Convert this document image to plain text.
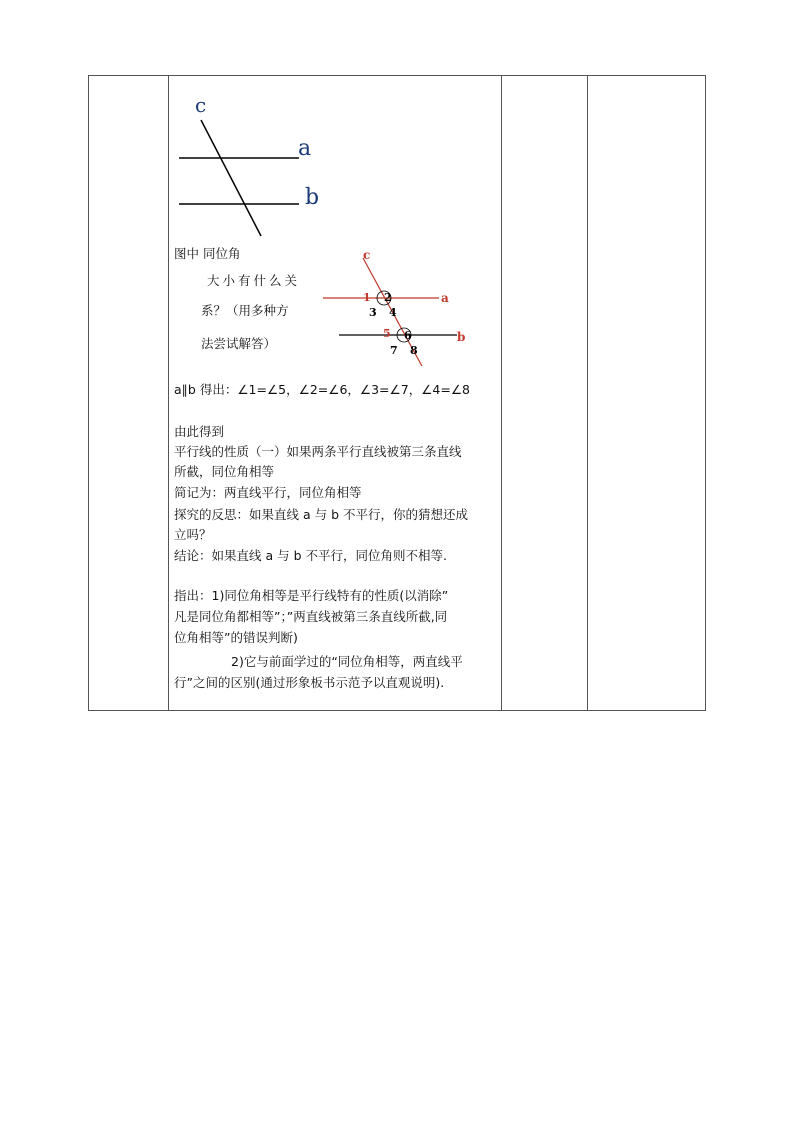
c
a
b
图中 同位角
大小有什么关
系？（用多种方
法尝试解答）
c
a
b
1 2
3 4
5 6
7 8
a∥b 得出：∠1=∠5，∠2=∠6，∠3=∠7，∠4=∠8
由此得到
平行线的性质（一）如果两条平行直线被第三条直线
所截，同位角相等
简记为：两直线平行，同位角相等
探究的反思：如果直线 a 与 b 不平行，你的猜想还成
立吗？
结论：如果直线 a 与 b 不平行，同位角则不相等.
指出：1)同位角相等是平行线特有的性质(以消除”
凡是同位角都相等”；”两直线被第三条直线所截,同
位角相等”的错误判断)
2)它与前面学过的“同位角相等，两直线平
行”之间的区别(通过形象板书示范予以直观说明).
